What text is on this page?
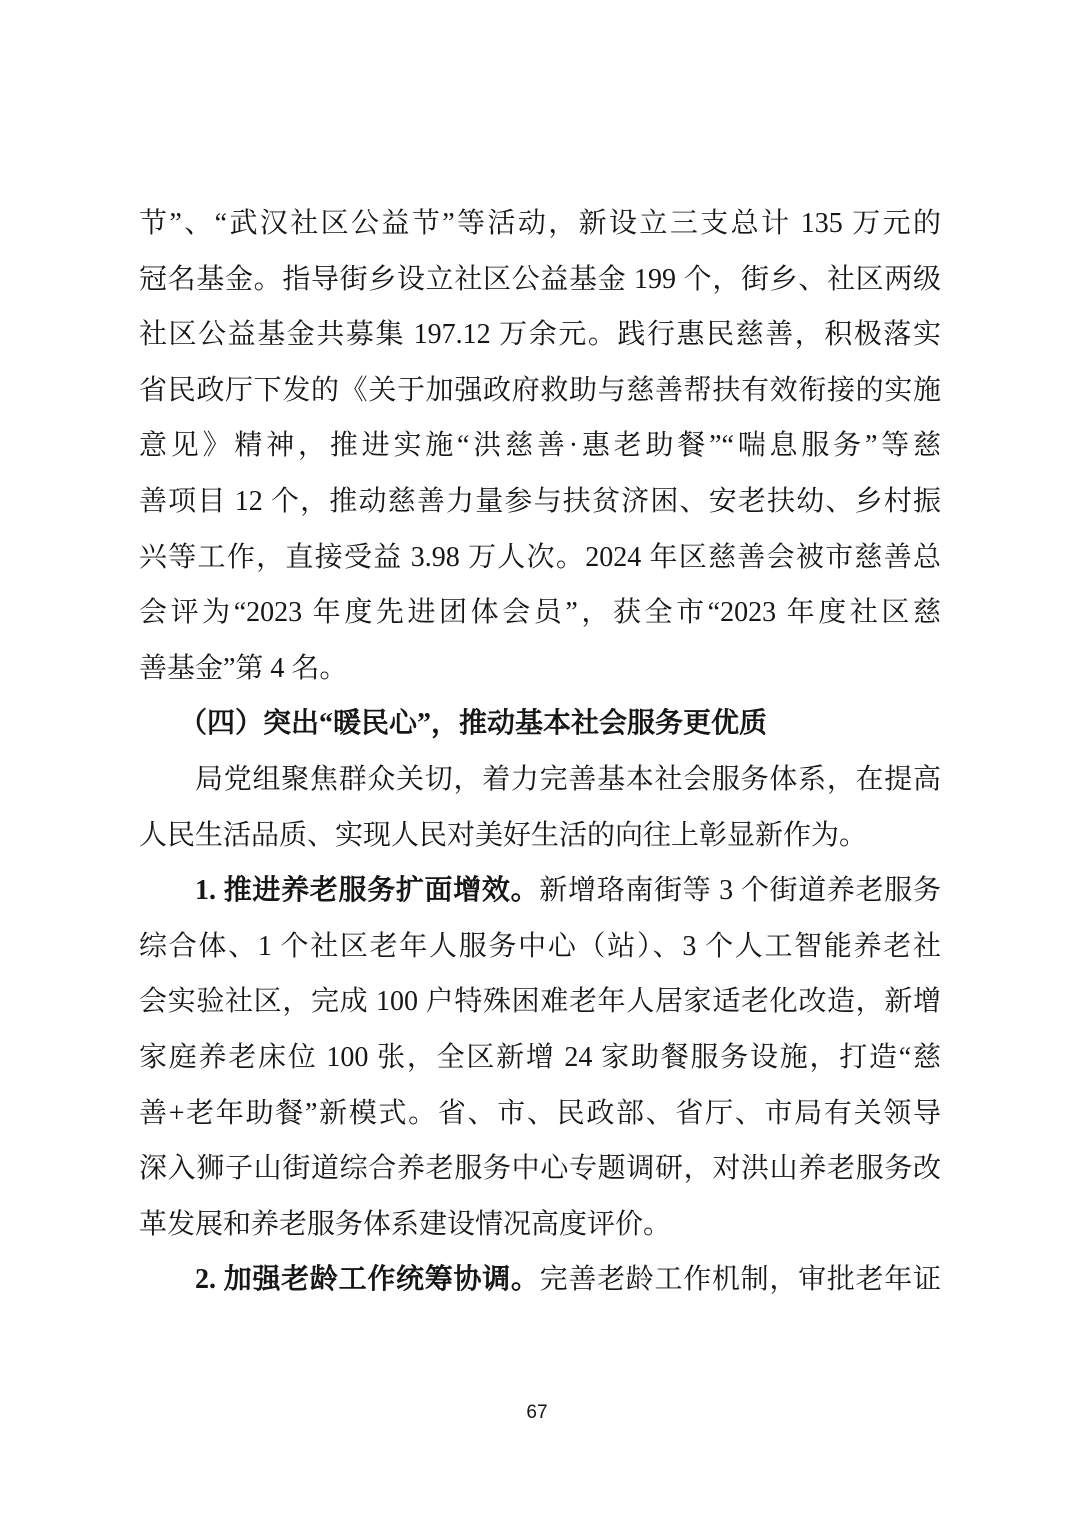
节”、“武汉社区公益节”等活动，新设立三支总计 135 万元的
冠名基金。指导街乡设立社区公益基金 199 个，街乡、社区两级
社区公益基金共募集 197.12 万余元。践行惠民慈善，积极落实
省民政厅下发的《关于加强政府救助与慈善帮扶有效衔接的实施
意见》精神，推进实施“洪慈善·惠老助餐”“喘息服务”等慈
善项目 12 个，推动慈善力量参与扶贫济困、安老扶幼、乡村振
兴等工作，直接受益 3.98 万人次。2024 年区慈善会被市慈善总
会评为“2023 年度先进团体会员”，获全市“2023 年度社区慈
善基金”第 4 名。
（四）突出“暖民心”，推动基本社会服务更优质
局党组聚焦群众关切，着力完善基本社会服务体系，在提高
人民生活品质、实现人民对美好生活的向往上彰显新作为。
1. 推进养老服务扩面增效。新增珞南街等 3 个街道养老服务
综合体、1 个社区老年人服务中心（站）、3 个人工智能养老社
会实验社区，完成 100 户特殊困难老年人居家适老化改造，新增
家庭养老床位 100 张，全区新增 24 家助餐服务设施，打造“慈
善+老年助餐”新模式。省、市、民政部、省厅、市局有关领导
深入狮子山街道综合养老服务中心专题调研，对洪山养老服务改
革发展和养老服务体系建设情况高度评价。
2. 加强老龄工作统筹协调。完善老龄工作机制，审批老年证
67
